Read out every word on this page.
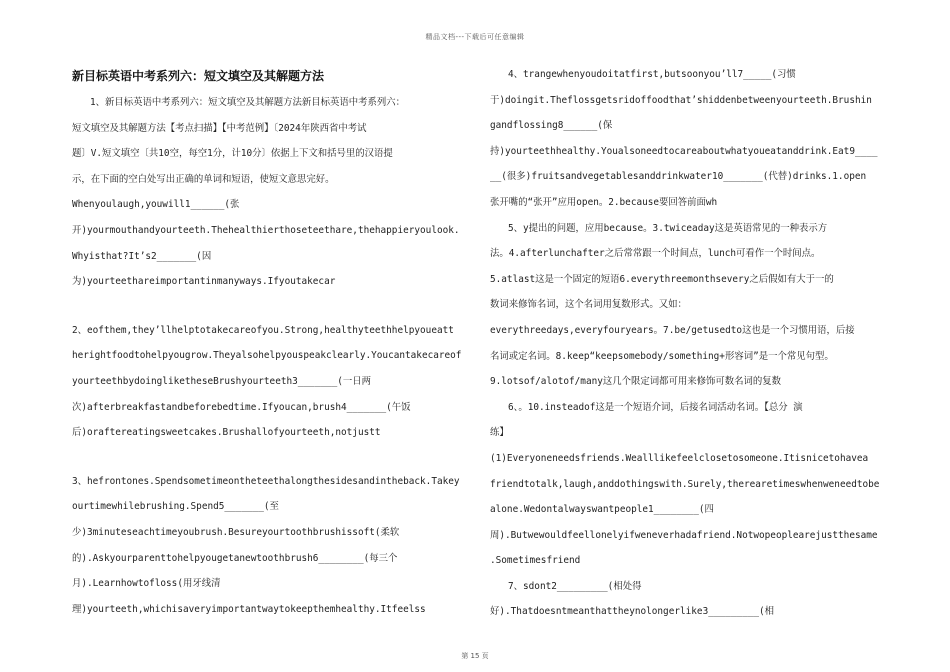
精品文档---下载后可任意编辑
新目标英语中考系列六：短文填空及其解题方法
1、新目标英语中考系列六：短文填空及其解题方法新目标英语中考系列六：
短文填空及其解题方法【考点扫描】【中考范例】〔2024年陕西省中考试
题〕V.短文填空〔共10空，每空1分，计10分〕依据上下文和括号里的汉语提
示，在下面的空白处写出正确的单词和短语，使短文意思完好。
Whenyoulaugh,youwill1______(张
开)yourmouthandyourteeth.Thehealthierthoseteethare,thehappieryoulook.
Whyisthat?It’s2_______(因
为)yourteethareimportantinmanyways.Ifyoutakecar
2、eofthem,they’llhelptotakecareofyou.Strong,healthyteethhelpyoueatt
herightfoodtohelpyougrow.Theyalsohelpyouspeakclearly.Youcantakecareof
yourteethbydoingliketheseBrushyourteeth3_______(一日两
次)afterbreakfastandbeforebedtime.Ifyoucan,brush4_______(午饭
后)oraftereatingsweetcakes.Brushallofyourteeth,notjustt
3、hefrontones.Spendsometimeontheteethalongthesidesandintheback.Takey
ourtimewhilebrushing.Spend5_______(至
少)3minuteseachtimeyoubrush.Besureyourtoothbrushissoft(柔软
的).Askyourparenttohelpyougetanewtoothbrush6________(每三个
月).Learnhowtofloss(用牙线清
理)yourteeth,whichisaveryimportantwaytokeepthemhealthy.Itfeelss
4、trangewhenyoudoitatfirst,butsoonyou’ll7_____(习惯
于)doingit.Theflossgetsridoffoodthat’shiddenbetweenyourteeth.Brushin
gandflossing8______(保
持)yourteethhealthy.Youalsoneedtocareaboutwhatyoueatanddrink.Eat9____
__(很多)fruitsandvegetablesanddrinkwater10_______(代替)drinks.1.open
张开嘴的“张开”应用open。2.because要回答前面wh
5、y提出的问题，应用because。3.twiceaday这是英语常见的一种表示方
法。4.afterlunchafter之后常常跟一个时间点，lunch可看作一个时间点。
5.atlast这是一个固定的短语6.everythreemonthsevery之后假如有大于一的
数词来修饰名词，这个名词用复数形式。又如：
everythreedays,everyfouryears。7.be/getusedto这也是一个习惯用语，后接
名词或定名词。8.keep“keepsomebody/something+形容词”是一个常见句型。
9.lotsof/alotof/many这几个限定词都可用来修饰可数名词的复数
6、。10.insteadof这是一个短语介词，后接名词活动名词。【总分 演
练】
(1)Everyoneneedsfriends.Wealllikefeelclosetosomeone.Itisnicetohavea
friendtotalk,laugh,anddothingswith.Surely,therearetimeswhenweneedtobe
alone.Wedontalwayswantpeople1________(四
周).Butwewouldfeellonelyifweneverhadafriend.Notwopeoplearejustthesame
.Sometimesfriend
7、sdont2_________(相处得
好).Thatdoesntmeanthattheynolongerlike3_________(相
第 15 页
